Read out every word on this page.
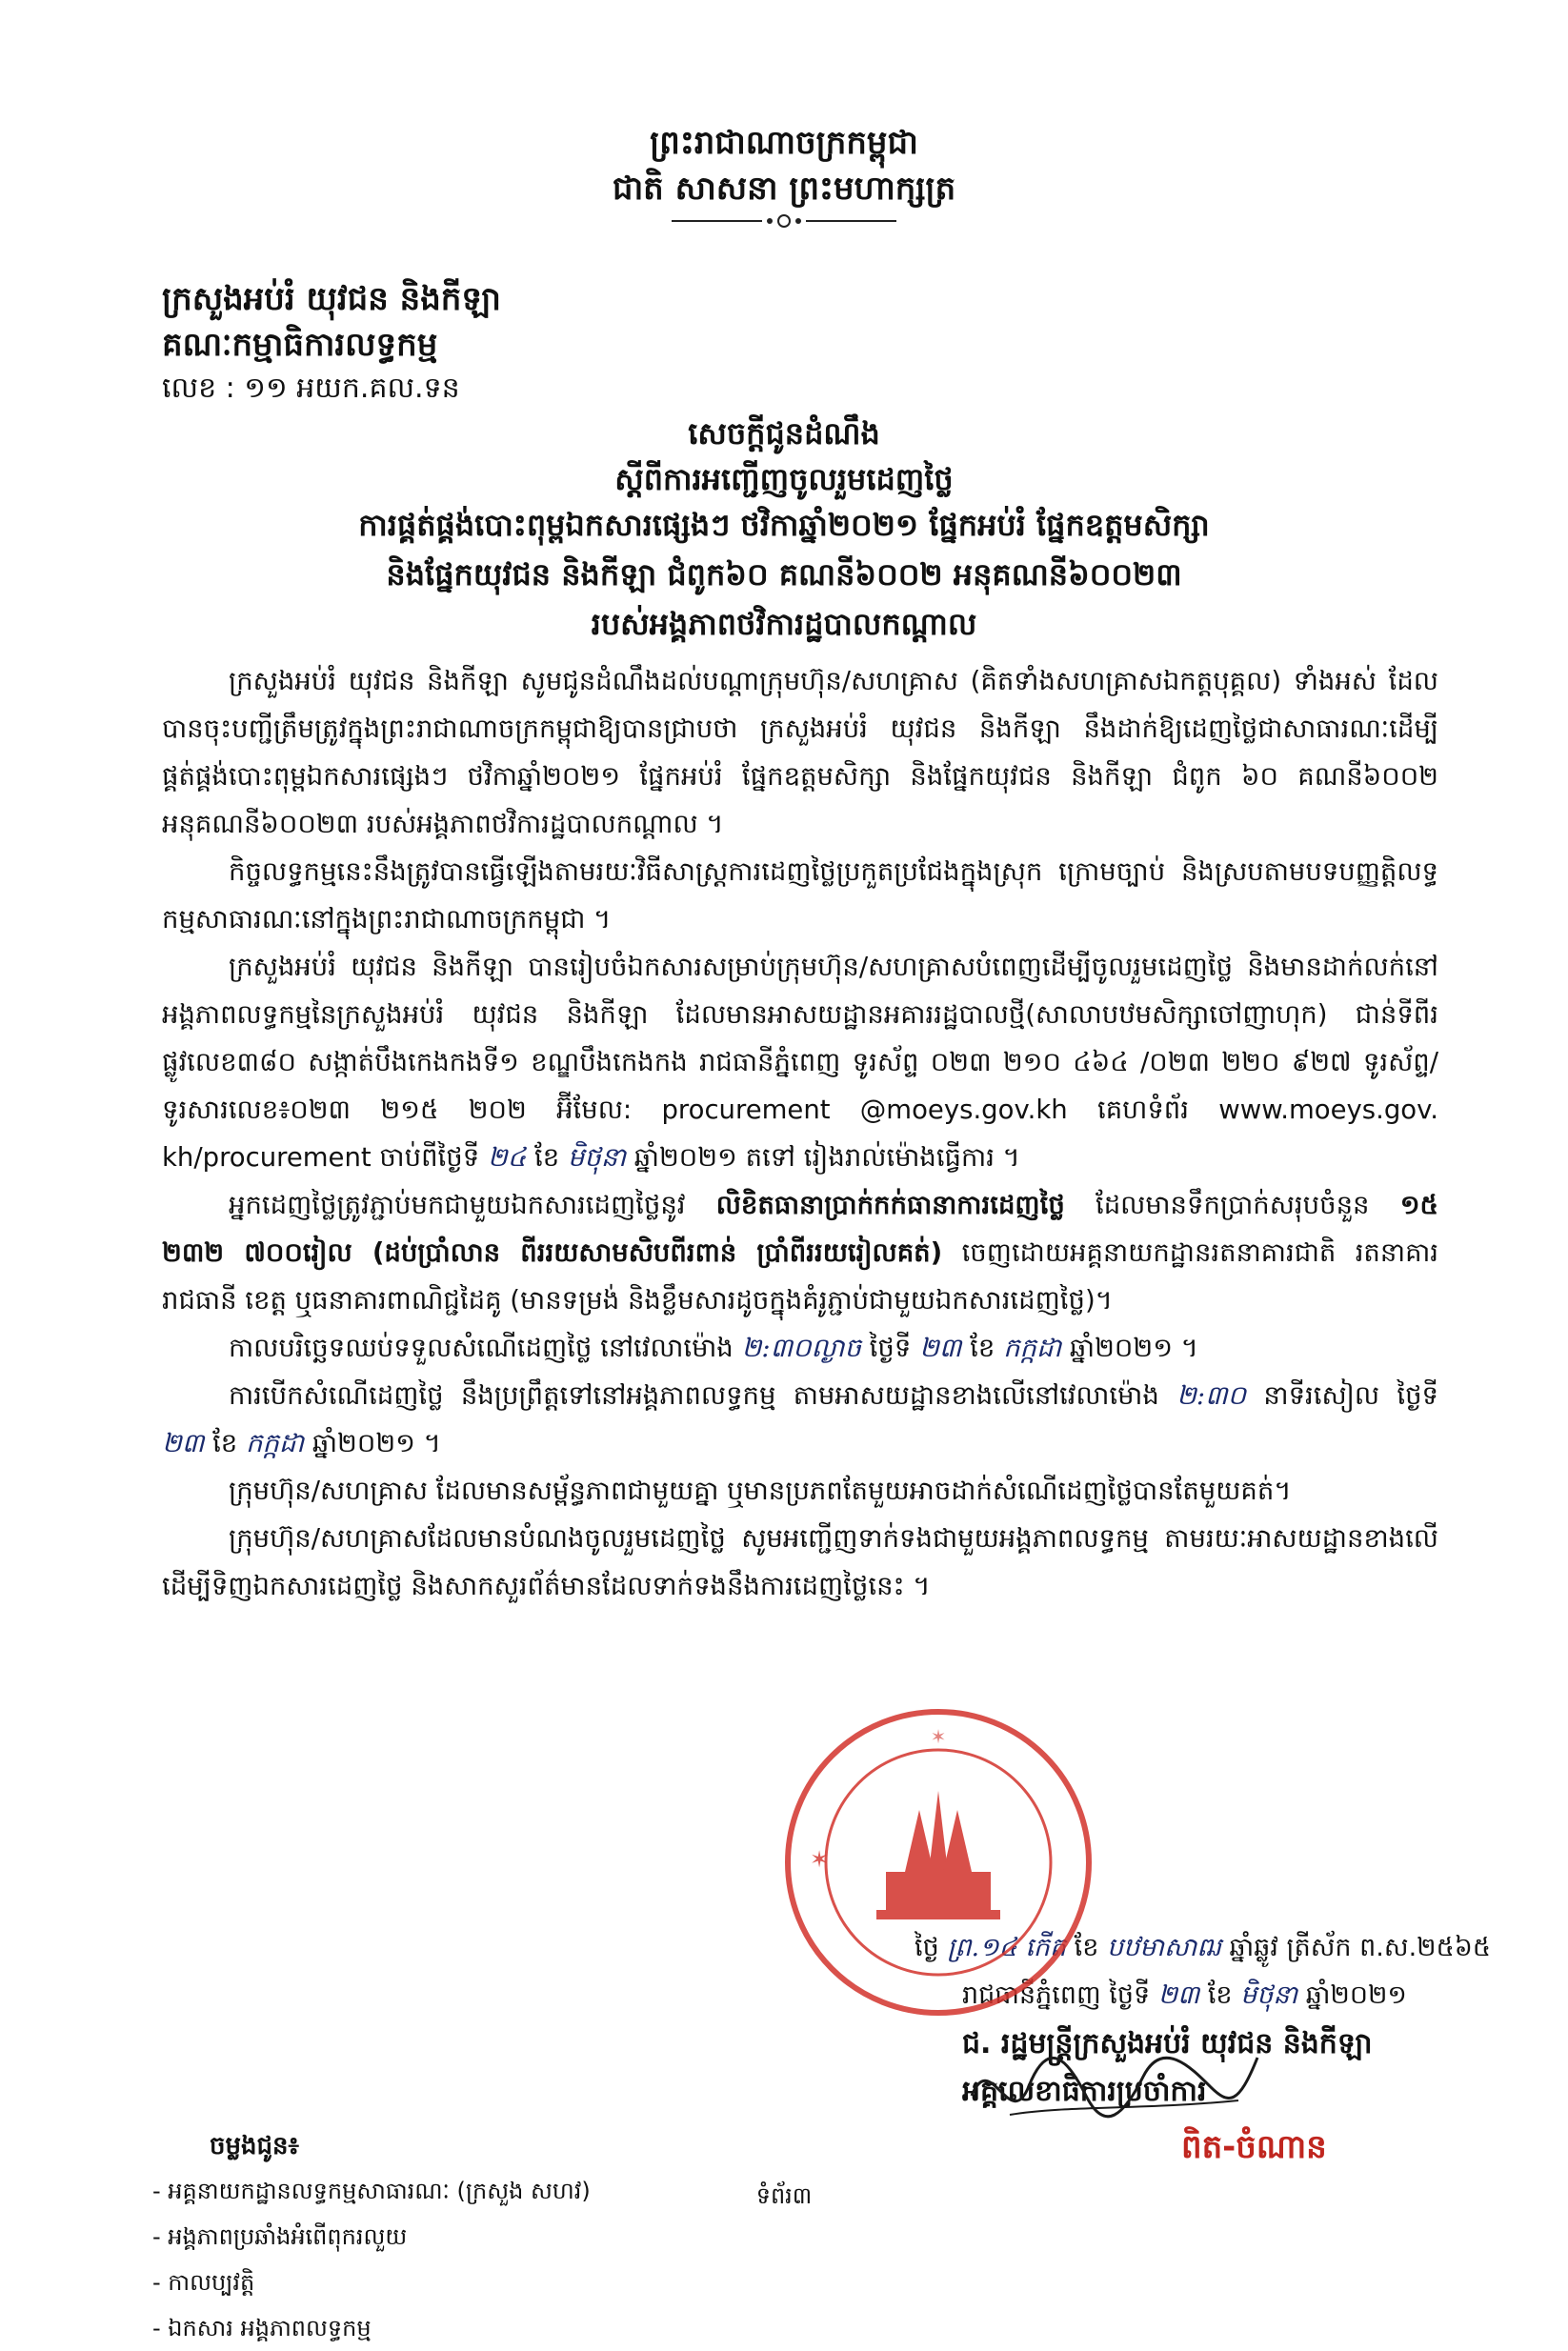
ព្រះរាជាណាចក្រកម្ពុជា
ជាតិ សាសនា ព្រះមហាក្សត្រ
ក្រសួងអប់រំ យុវជន និងកីឡា
គណៈកម្មាធិការលទ្ធកម្ម
លេខ : ១១ អយក.គល.ទន
សេចក្តីជូនដំណឹង
ស្តីពីការអញ្ជើញចូលរួមដេញថ្លៃ
ការផ្គត់ផ្គង់បោះពុម្ពឯកសារផ្សេងៗ ថវិកាឆ្នាំ២០២១ ផ្នែកអប់រំ ផ្នែកឧត្តមសិក្សា
និងផ្នែកយុវជន និងកីឡា ជំពូក៦០ គណនី៦០០២ អនុគណនី៦០០២៣
របស់អង្គភាពថវិការដ្ឋបាលកណ្តាល

ក្រសួងអប់រំ យុវជន និងកីឡា សូមជូនដំណឹងដល់បណ្តាក្រុមហ៊ុន/សហគ្រាស (គិតទាំងសហគ្រាសឯកត្តបុគ្គល) ទាំងអស់ ដែលបានចុះបញ្ជីត្រឹមត្រូវក្នុងព្រះរាជាណាចក្រកម្ពុជាឱ្យបានជ្រាបថា ក្រសួងអប់រំ យុវជន និងកីឡា នឹងដាក់ឱ្យដេញថ្លៃជាសាធារណៈដើម្បីផ្គត់ផ្គង់បោះពុម្ពឯកសារផ្សេងៗ ថវិកាឆ្នាំ២០២១ ផ្នែកអប់រំ ផ្នែកឧត្តមសិក្សា និងផ្នែកយុវជន និងកីឡា ជំពូក ៦០ គណនី៦០០២ អនុគណនី៦០០២៣ របស់អង្គភាពថវិការដ្ឋបាលកណ្តាល ។

កិច្ចលទ្ធកម្មនេះនឹងត្រូវបានធ្វើឡើងតាមរយៈវិធីសាស្ត្រការដេញថ្លៃប្រកួតប្រជែងក្នុងស្រុក ក្រោមច្បាប់ និងស្របតាមបទបញ្ញត្តិលទ្ធកម្មសាធារណៈនៅក្នុងព្រះរាជាណាចក្រកម្ពុជា ។

ក្រសួងអប់រំ យុវជន និងកីឡា បានរៀបចំឯកសារសម្រាប់ក្រុមហ៊ុន/សហគ្រាសបំពេញដើម្បីចូលរួមដេញថ្លៃ និងមានដាក់លក់នៅអង្គភាពលទ្ធកម្មនៃក្រសួងអប់រំ យុវជន និងកីឡា ដែលមានអាសយដ្ឋានអគាររដ្ឋបាលថ្មី(សាលាបឋមសិក្សាចៅញាហុក) ជាន់ទីពីរ ផ្លូវលេខ៣៨០ សង្កាត់បឹងកេងកងទី១ ខណ្ឌបឹងកេងកង រាជធានីភ្នំពេញ ទូរស័ព្ទ ០២៣ ២១០ ៤៦៤ /០២៣ ២២០ ៩២៧ ទូរស័ព្ទ/ទូរសារលេខ៖០២៣ ២១៥ ២០២ អ៊ីមែល: procurement @moeys.gov.kh គេហទំព័រ www.moeys.gov. kh/procurement ចាប់ពីថ្ងៃទី ២៤ ខែ មិថុនា ឆ្នាំ២០២១ តទៅ រៀងរាល់ម៉ោងធ្វើការ ។

អ្នកដេញថ្លៃត្រូវភ្ជាប់មកជាមួយឯកសារដេញថ្លៃនូវ លិខិតធានាប្រាក់កក់ធានាការដេញថ្លៃ ដែលមានទឹកប្រាក់សរុបចំនួន ១៥ ២៣២ ៧០០រៀល (ដប់ប្រាំលាន ពីររយសាមសិបពីរពាន់ ប្រាំពីររយរៀលគត់) ចេញដោយអគ្គនាយកដ្ឋានរតនាគារជាតិ រតនាគាររាជធានី ខេត្ត ឬធនាគារពាណិជ្ជដៃគូ (មានទម្រង់ និងខ្លឹមសារដូចក្នុងគំរូភ្ជាប់ជាមួយឯកសារដេញថ្លៃ)។

កាលបរិច្ឆេទឈប់ទទួលសំណើដេញថ្លៃ នៅវេលាម៉ោង ២:៣០ល្ងាច ថ្ងៃទី ២៣ ខែ កក្កដា ឆ្នាំ២០២១ ។

ការបើកសំណើដេញថ្លៃ នឹងប្រព្រឹត្តទៅនៅអង្គភាពលទ្ធកម្ម តាមអាសយដ្ឋានខាងលើនៅវេលាម៉ោង ២:៣០ នាទីរសៀល ថ្ងៃទី ២៣ ខែ កក្កដា ឆ្នាំ២០២១ ។

ក្រុមហ៊ុន/សហគ្រាស ដែលមានសម្ព័ន្ធភាពជាមួយគ្នា ឬមានប្រភពតែមួយអាចដាក់សំណើដេញថ្លៃបានតែមួយគត់។

ក្រុមហ៊ុន/សហគ្រាសដែលមានបំណងចូលរួមដេញថ្លៃ សូមអញ្ជើញទាក់ទងជាមួយអង្គភាពលទ្ធកម្ម តាមរយៈអាសយដ្ឋានខាងលើ ដើម្បីទិញឯកសារដេញថ្លៃ និងសាកសួរព័ត៌មានដែលទាក់ទងនឹងការដេញថ្លៃនេះ ។

ថ្ងៃ ព្រ.១៤ កើត ខែ បឋមាសាឍ ឆ្នាំឆ្លូវ ត្រីស័ក ព.ស.២៥៦៥
រាជធានីភ្នំពេញ ថ្ងៃទី ២៣ ខែ មិថុនា ឆ្នាំ២០២១
✶
✶
ជ. រដ្ឋមន្ត្រីក្រសួងអប់រំ យុវជន និងកីឡា
អគ្គលេខាធិការប្រចាំការ
ពិត-ចំណាន
ចម្លងជូន៖
- អគ្គនាយកដ្ឋានលទ្ធកម្មសាធារណៈ (ក្រសួង សហវ)
- អង្គភាពប្រឆាំងអំពើពុករលួយ
- កាលប្បវត្តិ
- ឯកសារ អង្គភាពលទ្ធកម្ម
ទំព័រ៣
